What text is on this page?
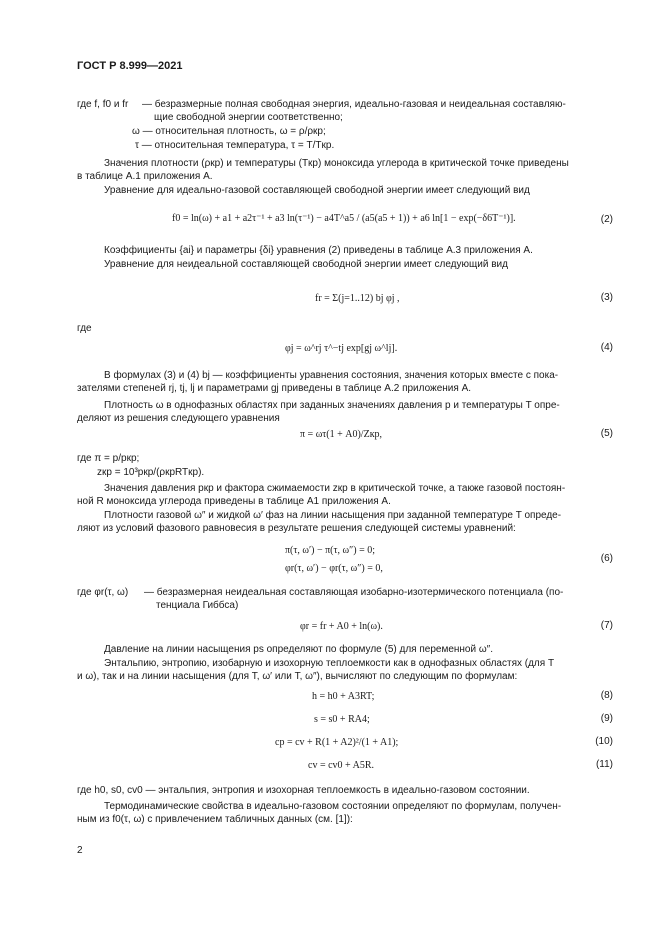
ГОСТ Р 8.999—2021
где f, f0 и fr — безразмерные полная свободная энергия, идеально-газовая и неидеальная составляю-
щие свободной энергии соответственно;
ω — относительная плотность, ω = ρ/ρкр;
τ — относительная температура, τ = T/Tкр.
Значения плотности (ρкр) и температуры (Tкр) моноксида углерода в критической точке приведены
в таблице А.1 приложения А.
Уравнение для идеально-газовой составляющей свободной энергии имеет следующий вид
f0 = ln(ω) + a1 + a2τ⁻¹ + a3 ln(τ⁻¹) − a4T^a5 / (a5(a5 + 1)) + a6 ln[1 − exp(−δ6T⁻¹)].	(2)
Коэффициенты {ai} и параметры {δi} уравнения (2) приведены в таблице А.3 приложения А.
Уравнение для неидеальной составляющей свободной энергии имеет следующий вид
fr = Σ(j=1..12) bj φj ,	(3)
где
φj = ω^rj τ^−tj exp[gj ω^lj].	(4)
В формулах (3) и (4) bj — коэффициенты уравнения состояния, значения которых вместе с пока-
зателями степеней rj, tj, lj и параметрами gj приведены в таблице А.2 приложения А.
Плотность ω в однофазных областях при заданных значениях давления p и температуры T опре-
деляют из решения следующего уравнения
π = ωτ(1 + A0)/Zкр,	(5)
где π = p/pкр;
zкр = 10³pкр/(ρкрRTкр).
Значения давления pкр и фактора сжимаемости zкр в критической точке, а также газовой постоян-
ной R моноксида углерода приведены в таблице А1 приложения А.
Плотности газовой ω″ и жидкой ω′ фаз на линии насыщения при заданной температуре T опреде-
ляют из условий фазового равновесия в результате решения следующей системы уравнений:
π(τ, ω′) − π(τ, ω″) = 0;
φr(τ, ω′) − φr(τ, ω″) = 0,
(6)
где φr(τ, ω) — безразмерная неидеальная составляющая изобарно-изотермического потенциала (по-
тенциала Гиббса)
φr = fr + A0 + ln(ω).	(7)
Давление на линии насыщения ps определяют по формуле (5) для переменной ω″.
Энтальпию, энтропию, изобарную и изохорную теплоемкости как в однофазных областях (для T
и ω), так и на линии насыщения (для T, ω′ или T, ω″), вычисляют по следующим по формулам:
h = h0 + A3RT;	(8)
s = s0 + RA4;	(9)
cp = cv + R(1 + A2)²/(1 + A1);	(10)
cv = cv0 + A5R.	(11)
где h0, s0, cv0 — энтальпия, энтропия и изохорная теплоемкость в идеально-газовом состоянии.
Термодинамические свойства в идеально-газовом состоянии определяют по формулам, получен-
ным из f0(τ, ω) с привлечением табличных данных (см. [1]):
2
